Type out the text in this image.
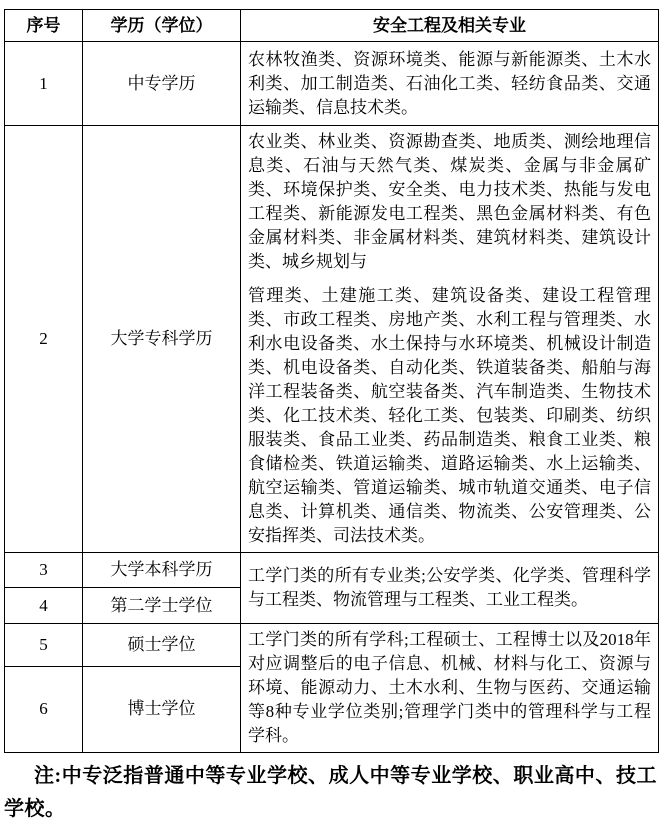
序号	学历（学位）	安全工程及相关专业
1	中专学历	农林牧渔类、资源环境类、能源与新能源类、土木水利类、加工制造类、石油化工类、轻纺食品类、交通运输类、信息技术类。

2	大学专科学历	农业类、林业类、资源勘查类、地质类、测绘地理信息类、石油与天然气类、煤炭类、金属与非金属矿类、环境保护类、安全类、电力技术类、热能与发电工程类、新能源发电工程类、黑色金属材料类、有色金属材料类、非金属材料类、建筑材料类、建筑设计类、城乡规划与

管理类、土建施工类、建筑设备类、建设工程管理类、市政工程类、房地产类、水利工程与管理类、水利水电设备类、水土保持与水环境类、机械设计制造类、机电设备类、自动化类、铁道装备类、船舶与海洋工程装备类、航空装备类、汽车制造类、生物技术类、化工技术类、轻化工类、包装类、印刷类、纺织服装类、食品工业类、药品制造类、粮食工业类、粮食储检类、铁道运输类、道路运输类、水上运输类、航空运输类、管道运输类、城市轨道交通类、电子信息类、计算机类、通信类、物流类、公安管理类、公安指挥类、司法技术类。

3	大学本科学历	工学门类的所有专业类;公安学类、化学类、管理科学与工程类、物流管理与工程类、工业工程类。

4	第二学士学位	
5	硕士学位	工学门类的所有学科;工程硕士、工程博士以及2018年对应调整后的电子信息、机械、材料与化工、资源与环境、能源动力、土木水利、生物与医药、交通运输等8种专业学位类别;管理学门类中的管理科学与工程学科。

6	博士学位	

注:中专泛指普通中等专业学校、成人中等专业学校、职业高中、技工学校。
